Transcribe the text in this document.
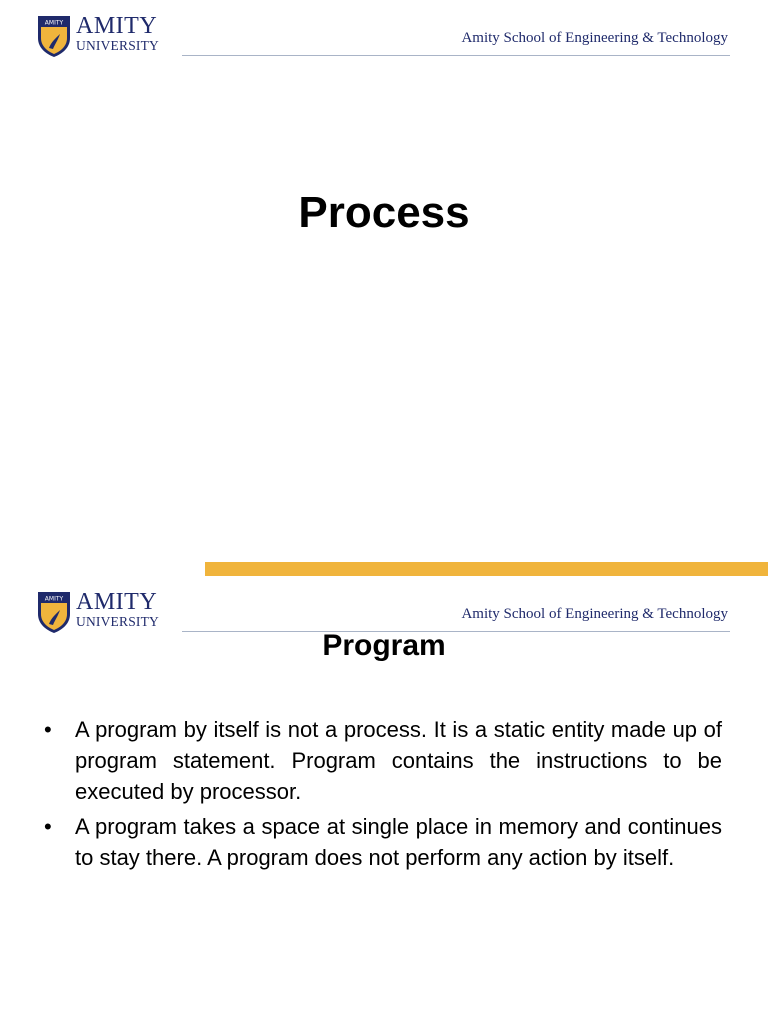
AMITY AMITY
UNIVERSITY	Amity School of Engineering & Technology
Process
AMITY AMITY
UNIVERSITY	Amity School of Engineering & Technology
Program
• A program by itself is not a process. It is a static entity made up of program statement. Program contains the instructions to be executed by processor.
• A program takes a space at single place in memory and continues to stay there. A program does not perform any action by itself.
